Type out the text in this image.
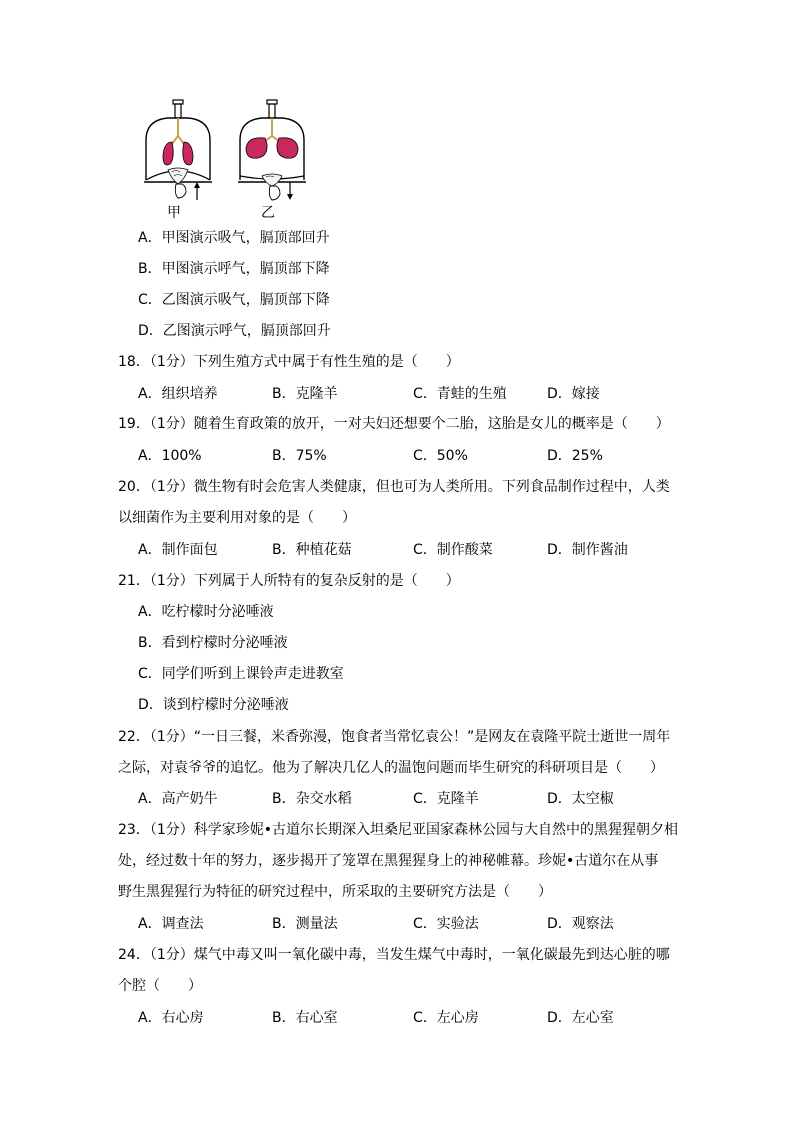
甲	乙
A．甲图演示吸气，膈顶部回升
B．甲图演示呼气，膈顶部下降
C．乙图演示吸气，膈顶部下降
D．乙图演示呼气，膈顶部回升
18．（1分）下列生殖方式中属于有性生殖的是（　　）
A．组织培养	B．克隆羊	C．青蛙的生殖	D．嫁接
19．（1分）随着生育政策的放开，一对夫妇还想要个二胎，这胎是女儿的概率是（　　）
A．100%	B．75%	C．50%	D．25%
20．（1分）微生物有时会危害人类健康，但也可为人类所用。下列食品制作过程中，人类
以细菌作为主要利用对象的是（　　）
A．制作面包	B．种植花菇	C．制作酸菜	D．制作酱油
21．（1分）下列属于人所特有的复杂反射的是（　　）
A．吃柠檬时分泌唾液
B．看到柠檬时分泌唾液
C．同学们听到上课铃声走进教室
D．谈到柠檬时分泌唾液
22．（1分）“一日三餐，米香弥漫，饱食者当常忆袁公！”是网友在袁隆平院士逝世一周年
之际，对袁爷爷的追忆。他为了解决几亿人的温饱问题而毕生研究的科研项目是（　　）
A．高产奶牛	B．杂交水稻	C．克隆羊	D．太空椒
23．（1分）科学家珍妮•古道尔长期深入坦桑尼亚国家森林公园与大自然中的黑猩猩朝夕相
处，经过数十年的努力，逐步揭开了笼罩在黑猩猩身上的神秘帷幕。珍妮•古道尔在从事
野生黑猩猩行为特征的研究过程中，所采取的主要研究方法是（　　）
A．调查法	B．测量法	C．实验法	D．观察法
24．（1分）煤气中毒又叫一氧化碳中毒，当发生煤气中毒时，一氧化碳最先到达心脏的哪
个腔（　　）
A．右心房	B．右心室	C．左心房	D．左心室
